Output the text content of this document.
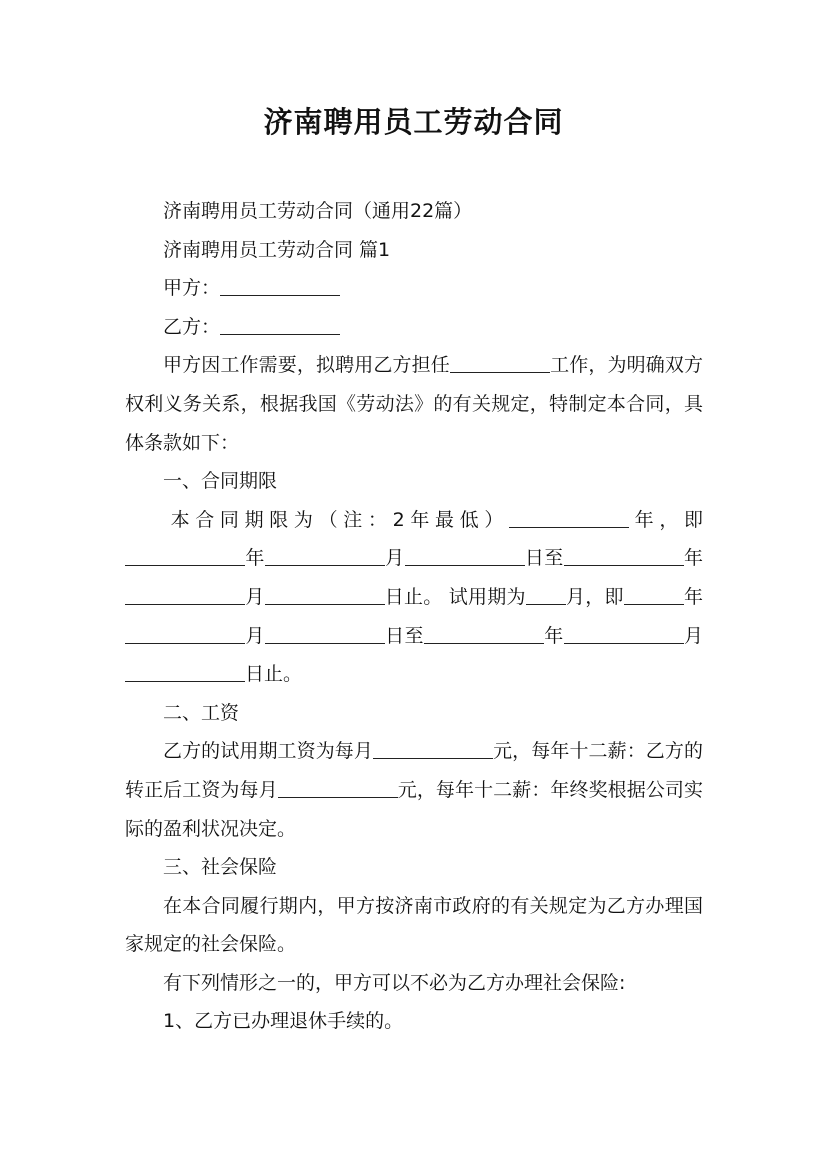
济南聘用员工劳动合同

济南聘用员工劳动合同（通用22篇）

济南聘用员工劳动合同 篇1

甲方：

乙方：

甲方因工作需要，拟聘用乙方担任	工作，为明确双方权利义务关系，根据我国《劳动法》的有关规定，特制定本合同，具体条款如下：

一、合同期限

本合同期限为（注：2年最低）	年，即年	月	日至	年月	日止。 试用期为 月，即	年月	日至	年	月日止。

二、工资

乙方的试用期工资为每月	元，每年十二薪：乙方的转正后工资为每月	元，每年十二薪：年终奖根据公司实际的盈利状况决定。

三、社会保险

在本合同履行期内，甲方按济南市政府的有关规定为乙方办理国家规定的社会保险。

有下列情形之一的，甲方可以不必为乙方办理社会保险:

1、乙方已办理退休手续的。
